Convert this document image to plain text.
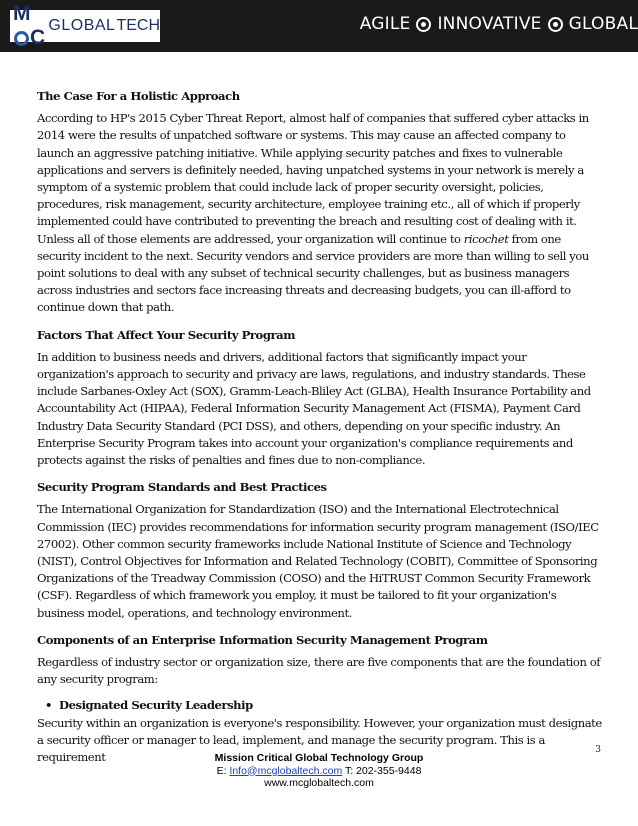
MC
GLOBAL TECH	AGILE INNOVATIVE GLOBAL
The Case For a Holistic Approach

According to HP's 2015 Cyber Threat Report, almost half of companies that suffered cyber attacks in 2014 were the results of unpatched software or systems. This may cause an affected company to launch an aggressive patching initiative. While applying security patches and fixes to vulnerable applications and servers is definitely needed, having unpatched systems in your network is merely a symptom of a systemic problem that could include lack of proper security oversight, policies, procedures, risk management, security architecture, employee training etc., all of which if properly implemented could have contributed to preventing the breach and resulting cost of dealing with it. Unless all of those elements are addressed, your organization will continue to ricochet from one security incident to the next. Security vendors and service providers are more than willing to sell you point solutions to deal with any subset of technical security challenges, but as business managers across industries and sectors face increasing threats and decreasing budgets, you can ill-afford to continue down that path.

Factors That Affect Your Security Program

In addition to business needs and drivers, additional factors that significantly impact your organization's approach to security and privacy are laws, regulations, and industry standards. These include Sarbanes-Oxley Act (SOX), Gramm-Leach-Bliley Act (GLBA), Health Insurance Portability and Accountability Act (HIPAA), Federal Information Security Management Act (FISMA), Payment Card Industry Data Security Standard (PCI DSS), and others, depending on your specific industry. An Enterprise Security Program takes into account your organization's compliance requirements and protects against the risks of penalties and fines due to non-compliance.

Security Program Standards and Best Practices

The International Organization for Standardization (ISO) and the International Electrotechnical Commission (IEC) provides recommendations for information security program management (ISO/IEC 27002). Other common security frameworks include National Institute of Science and Technology (NIST), Control Objectives for Information and Related Technology (COBIT), Committee of Sponsoring Organizations of the Treadway Commission (COSO) and the HiTRUST Common Security Framework (CSF). Regardless of which framework you employ, it must be tailored to fit your organization's business model, operations, and technology environment.

Components of an Enterprise Information Security Management Program

Regardless of industry sector or organization size, there are five components that are the foundation of any security program:

• Designated Security Leadership

Security within an organization is everyone's responsibility. However, your organization must designate a security officer or manager to lead, implement, and manage the security program. This is a requirement

3
Mission Critical Global Technology Group
E: Info@mcglobaltech.com T: 202-355-9448
www.mcglobaltech.com
